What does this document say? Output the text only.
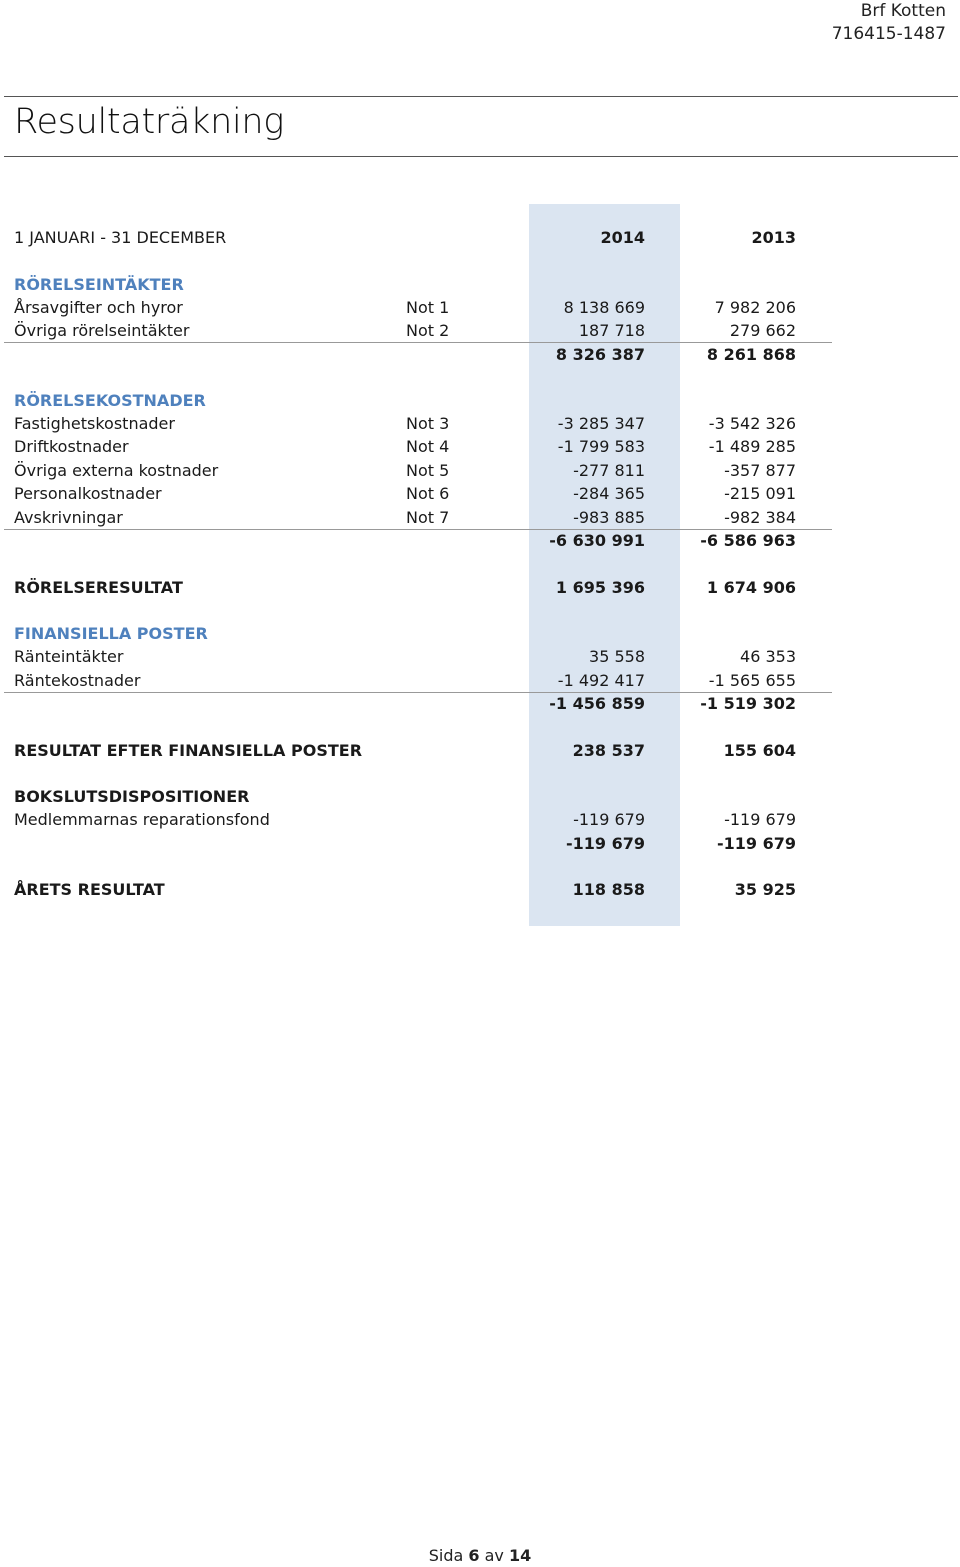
Brf Kotten
716415-1487
Resultaträkning
1 JANUARI - 31 DECEMBER	2014	2013
RÖRELSEINTÄKTER
Årsavgifter och hyror	Not 1	8 138 669	7 982 206
Övriga rörelseintäkter	Not 2	187 718	279 662
8 326 387	8 261 868
RÖRELSEKOSTNADER
Fastighetskostnader	Not 3	-3 285 347	-3 542 326
Driftkostnader	Not 4	-1 799 583	-1 489 285
Övriga externa kostnader	Not 5	-277 811	-357 877
Personalkostnader	Not 6	-284 365	-215 091
Avskrivningar	Not 7	-983 885	-982 384
-6 630 991	-6 586 963
RÖRELSERESULTAT	1 695 396	1 674 906
FINANSIELLA POSTER
Ränteintäkter	35 558	46 353
Räntekostnader	-1 492 417	-1 565 655
-1 456 859	-1 519 302
RESULTAT EFTER FINANSIELLA POSTER	238 537	155 604
BOKSLUTSDISPOSITIONER
Medlemmarnas reparationsfond	-119 679	-119 679
-119 679	-119 679
ÅRETS RESULTAT	118 858	35 925
Sida 6 av 14
